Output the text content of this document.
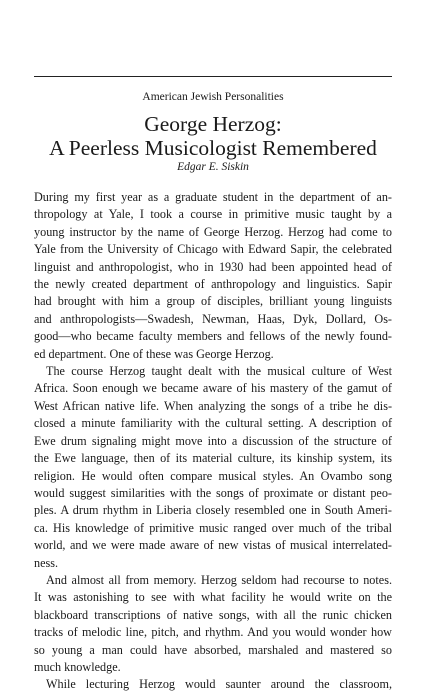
American Jewish Personalities
George Herzog:
A Peerless Musicologist Remembered
Edgar E. Siskin

During my first year as a graduate student in the department of an-
thropology at Yale, I took a course in primitive music taught by a
young instructor by the name of George Herzog. Herzog had come to
Yale from the University of Chicago with Edward Sapir, the celebrated
linguist and anthropologist, who in 1930 had been appointed head of
the newly created department of anthropology and linguistics. Sapir
had brought with him a group of disciples, brilliant young linguists
and anthropologists—Swadesh, Newman, Haas, Dyk, Dollard, Os-
good—who became faculty members and fellows of the newly found-
ed department. One of these was George Herzog.

The course Herzog taught dealt with the musical culture of West
Africa. Soon enough we became aware of his mastery of the gamut of
West African native life. When analyzing the songs of a tribe he dis-
closed a minute familiarity with the cultural setting. A description of
Ewe drum signaling might move into a discussion of the structure of
the Ewe language, then of its material culture, its kinship system, its
religion. He would often compare musical styles. An Ovambo song
would suggest similarities with the songs of proximate or distant peo-
ples. A drum rhythm in Liberia closely resembled one in South Ameri-
ca. His knowledge of primitive music ranged over much of the tribal
world, and we were made aware of new vistas of musical interrelated-
ness.

And almost all from memory. Herzog seldom had recourse to notes.
It was astonishing to see with what facility he would write on the
blackboard transcriptions of native songs, with all the runic chicken
tracks of melodic line, pitch, and rhythm. And you would wonder how
so young a man could have absorbed, marshaled and mastered so
much knowledge.

While lecturing Herzog would saunter around the classroom,
